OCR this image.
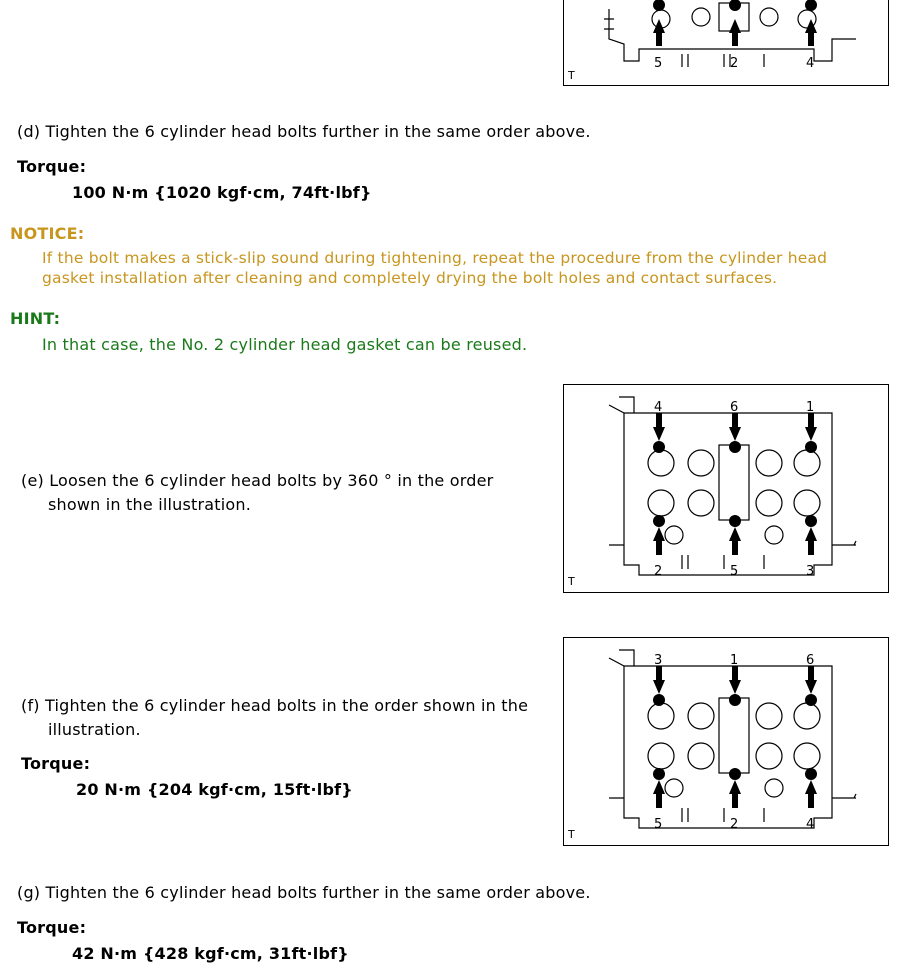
5	2	4
T
(d) Tighten the 6 cylinder head bolts further in the same order above.
Torque:
100 N·m {1020 kgf·cm, 74ft·lbf}
NOTICE:
If the bolt makes a stick-slip sound during tightening, repeat the procedure from the cylinder head
gasket installation after cleaning and completely drying the bolt holes and contact surfaces.
HINT:
In that case, the No. 2 cylinder head gasket can be reused.
(e) Loosen the 6 cylinder head bolts by 360 ° in the order
shown in the illustration.
4	6	1
2	5	3
T
(f) Tighten the 6 cylinder head bolts in the order shown in the
illustration.
Torque:
20 N·m {204 kgf·cm, 15ft·lbf}
3	1	6
5	2	4
T
(g) Tighten the 6 cylinder head bolts further in the same order above.
Torque:
42 N·m {428 kgf·cm, 31ft·lbf}
